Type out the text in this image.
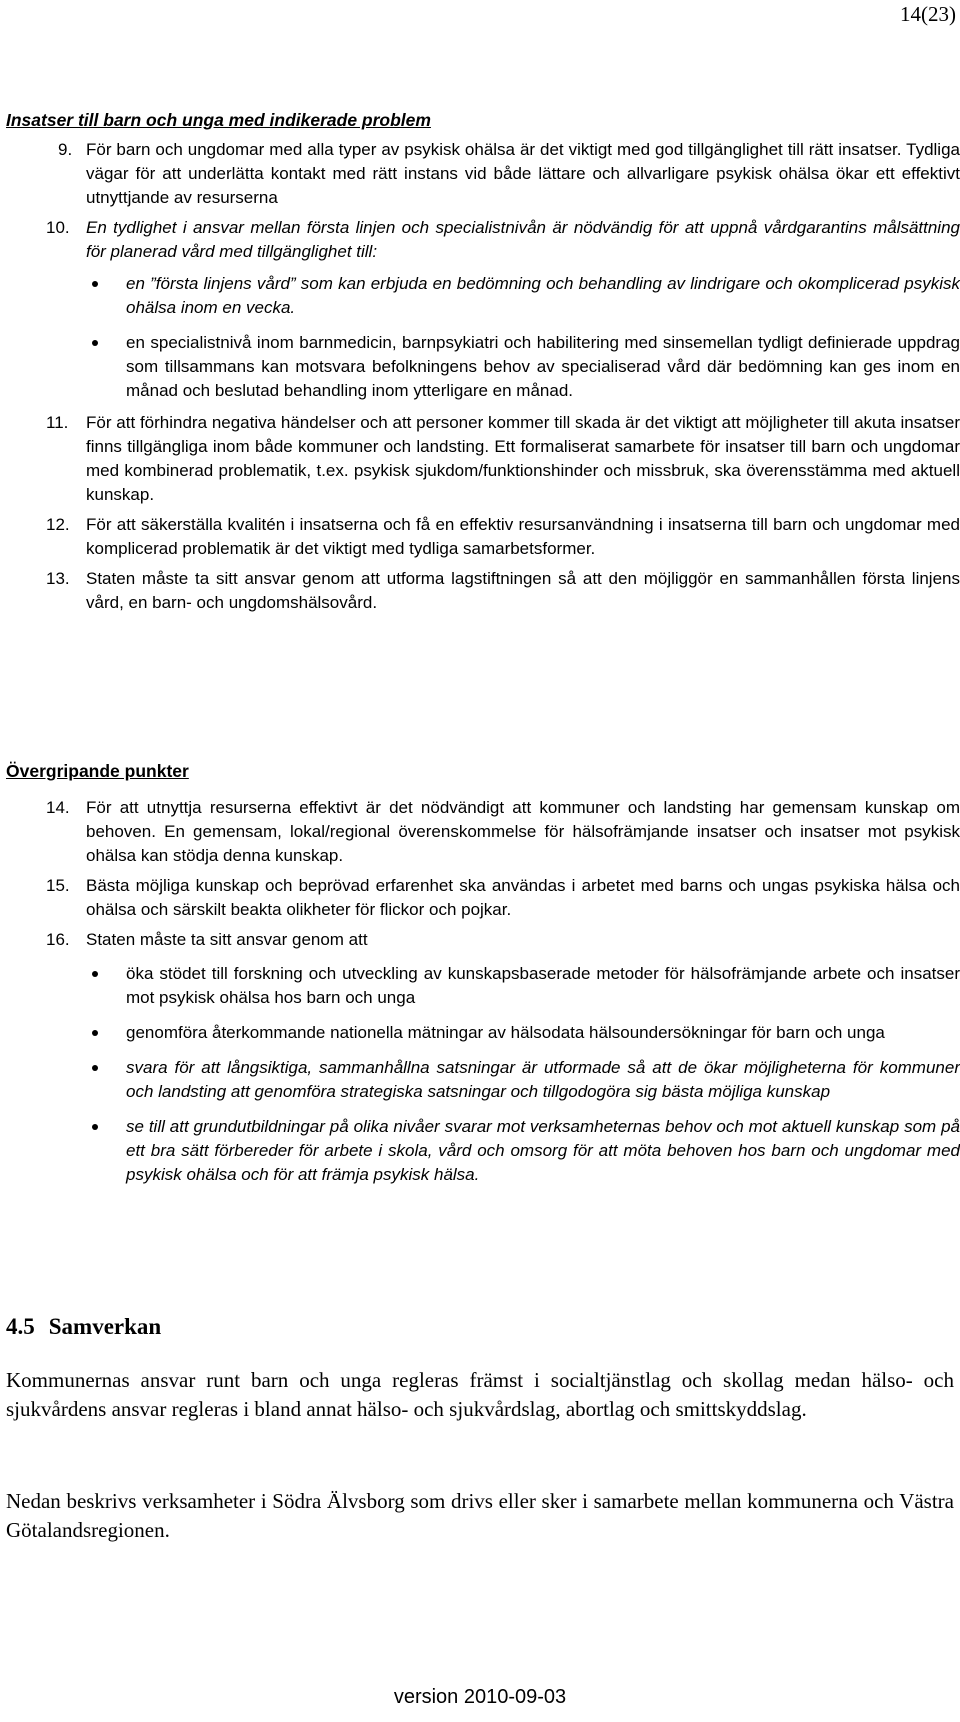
14(23)
Insatser till barn och unga med indikerade problem
9. För barn och ungdomar med alla typer av psykisk ohälsa är det viktigt med god tillgänglighet till rätt insatser. Tydliga vägar för att underlätta kontakt med rätt instans vid både lättare och allvarligare psykisk ohälsa ökar ett effektivt utnyttjande av resurserna
10. En tydlighet i ansvar mellan första linjen och specialistnivån är nödvändig för att uppnå vårdgarantins målsättning för planerad vård med tillgänglighet till:
en ”första linjens vård” som kan erbjuda en bedömning och behandling av lindrigare och okomplicerad psykisk ohälsa inom en vecka.
en specialistnivå inom barnmedicin, barnpsykiatri och habilitering med sinsemellan tydligt definierade uppdrag som tillsammans kan motsvara befolkningens behov av specialiserad vård där bedömning kan ges inom en månad och beslutad behandling inom ytterligare en månad.
11. För att förhindra negativa händelser och att personer kommer till skada är det viktigt att möjligheter till akuta insatser finns tillgängliga inom både kommuner och landsting. Ett formaliserat samarbete för insatser till barn och ungdomar med kombinerad problematik, t.ex. psykisk sjukdom/funktionshinder och missbruk, ska överensstämma med aktuell kunskap.
12. För att säkerställa kvalitén i insatserna och få en effektiv resursanvändning i insatserna till barn och ungdomar med komplicerad problematik är det viktigt med tydliga samarbetsformer.
13. Staten måste ta sitt ansvar genom att utforma lagstiftningen så att den möjliggör en sammanhållen första linjens vård, en barn- och ungdomshälsovård.
Övergripande punkter
14. För att utnyttja resurserna effektivt är det nödvändigt att kommuner och landsting har gemensam kunskap om behoven. En gemensam, lokal/regional överenskommelse för hälsofrämjande insatser och insatser mot psykisk ohälsa kan stödja denna kunskap.
15. Bästa möjliga kunskap och beprövad erfarenhet ska användas i arbetet med barns och ungas psykiska hälsa och ohälsa och särskilt beakta olikheter för flickor och pojkar.
16. Staten måste ta sitt ansvar genom att
öka stödet till forskning och utveckling av kunskapsbaserade metoder för hälsofrämjande arbete och insatser mot psykisk ohälsa hos barn och unga
genomföra återkommande nationella mätningar av hälsodata hälsoundersökningar för barn och unga
svara för att långsiktiga, sammanhållna satsningar är utformade så att de ökar möjligheterna för kommuner och landsting att genomföra strategiska satsningar och tillgodogöra sig bästa möjliga kunskap
se till att grundutbildningar på olika nivåer svarar mot verksamheternas behov och mot aktuell kunskap som på ett bra sätt förbereder för arbete i skola, vård och omsorg för att möta behoven hos barn och ungdomar med psykisk ohälsa och för att främja psykisk hälsa.
4.5 Samverkan

Kommunernas ansvar runt barn och unga regleras främst i socialtjänstlag och skollag medan hälso- och sjukvårdens ansvar regleras i bland annat hälso- och sjukvårdslag, abortlag och smittskyddslag.

Nedan beskrivs verksamheter i Södra Älvsborg som drivs eller sker i samarbete mellan kommunerna och Västra Götalandsregionen.

version 2010-09-03
